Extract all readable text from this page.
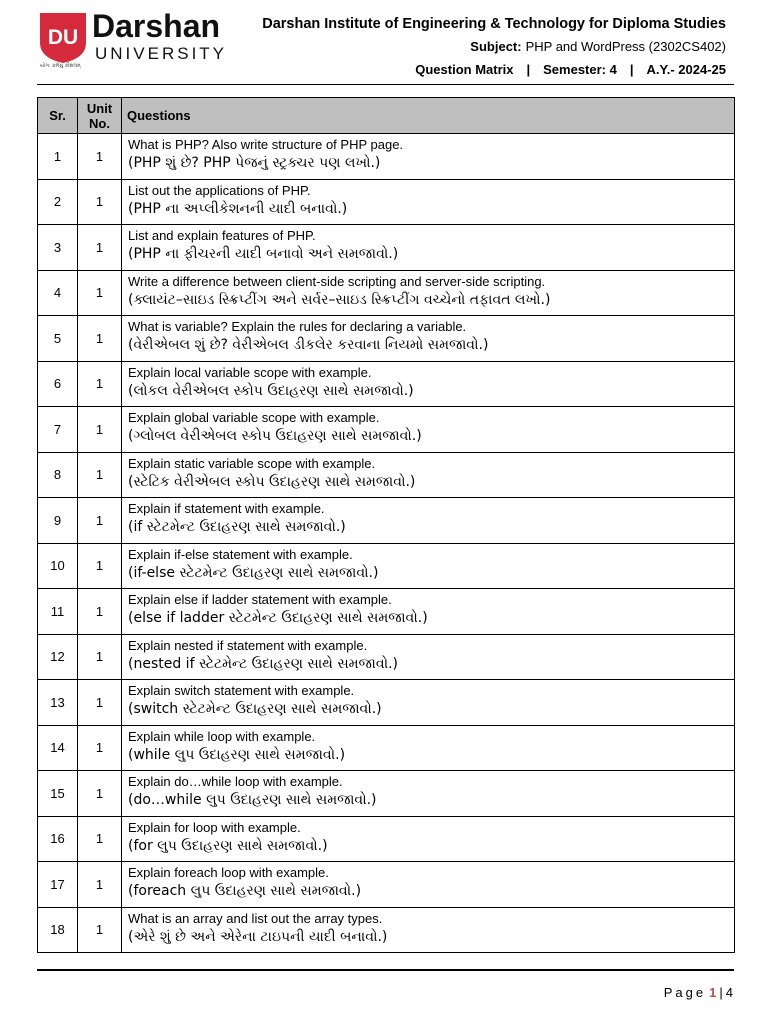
DU Darshan
UNIVERSITY
યોગઃ કર્મસુ કૌશલમ્
Darshan Institute of Engineering & Technology for Diploma Studies
Subject: PHP and WordPress (2302CS402)
Question Matrix | Semester: 4 | A.Y.- 2024-25
Sr.	Unit No.	Questions
1	1	What is PHP? Also write structure of PHP page.
(PHP શું છે? PHP પેજનું સ્ટ્રક્ચર પણ લખો.)

2	1	List out the applications of PHP.
(PHP ના અપ્લીકેશનની યાદી બનાવો.)

3	1	List and explain features of PHP.
(PHP ના ફીચરની યાદી બનાવો અને સમજાવો.)

4	1	Write a difference between client-side scripting and server-side scripting.
(ક્લાયંટ–સાઇડ સ્ક્રિપ્ટીંગ અને સર્વર–સાઇડ સ્ક્રિપ્ટીંગ વચ્ચેનો તફાવત લખો.)

5	1	What is variable? Explain the rules for declaring a variable.
(વેરીએબલ શું છે? વેરીએબલ ડીકલેર કરવાના નિયમો સમજાવો.)

6	1	Explain local variable scope with example.
(લોકલ વેરીએબલ સ્કોપ ઉદાહરણ સાથે સમજાવો.)

7	1	Explain global variable scope with example.
(ગ્લોબલ વેરીએબલ સ્કોપ ઉદાહરણ સાથે સમજાવો.)

8	1	Explain static variable scope with example.
(સ્ટેટિક વેરીએબલ સ્કોપ ઉદાહરણ સાથે સમજાવો.)

9	1	Explain if statement with example.
(if સ્ટેટમેન્ટ ઉદાહરણ સાથે સમજાવો.)

10	1	Explain if-else statement with example.
(if-else સ્ટેટમેન્ટ ઉદાહરણ સાથે સમજાવો.)

11	1	Explain else if ladder statement with example.
(else if ladder સ્ટેટમેન્ટ ઉદાહરણ સાથે સમજાવો.)

12	1	Explain nested if statement with example.
(nested if સ્ટેટમેન્ટ ઉદાહરણ સાથે સમજાવો.)

13	1	Explain switch statement with example.
(switch સ્ટેટમેન્ટ ઉદાહરણ સાથે સમજાવો.)

14	1	Explain while loop with example.
(while લુપ ઉદાહરણ સાથે સમજાવો.)

15	1	Explain do…while loop with example.
(do…while લુપ ઉદાહરણ સાથે સમજાવો.)

16	1	Explain for loop with example.
(for લુપ ઉદાહરણ સાથે સમજાવો.)

17	1	Explain foreach loop with example.
(foreach લુપ ઉદાહરણ સાથે સમજાવો.)

18	1	What is an array and list out the array types.
(એરે શું છે અને એરેના ટાઇપની યાદી બનાવો.)
Page 1 | 4
